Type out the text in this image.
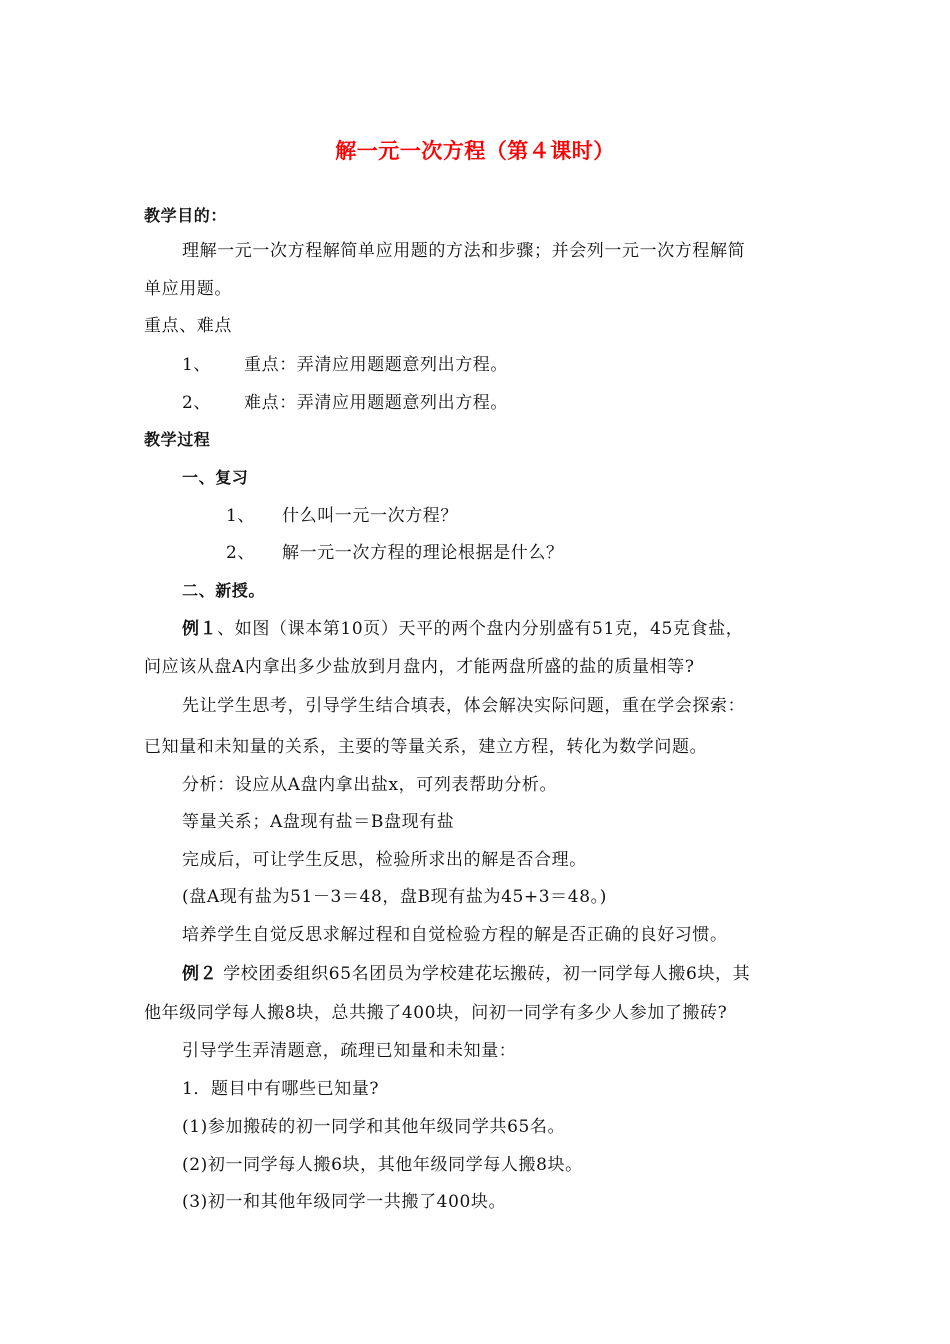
解一元一次方程（第４课时）
教学目的：
理解一元一次方程解简单应用题的方法和步骤；并会列一元一次方程解简
单应用题。
重点、难点
1、 重点：弄清应用题题意列出方程。
2、 难点：弄清应用题题意列出方程。
教学过程
一、复习
1、 什么叫一元一次方程？
2、 解一元一次方程的理论根据是什么？
二、新授。
例１、如图（课本第10页）天平的两个盘内分别盛有51克，45克食盐，
问应该从盘A内拿出多少盐放到月盘内，才能两盘所盛的盐的质量相等?
先让学生思考，引导学生结合填表，体会解决实际问题，重在学会探索：
已知量和未知量的关系，主要的等量关系，建立方程，转化为数学问题。
分析：设应从A盘内拿出盐x，可列表帮助分析。
等量关系；A盘现有盐＝B盘现有盐
完成后，可让学生反思，检验所求出的解是否合理。
(盘A现有盐为51－3＝48，盘B现有盐为45+3＝48。)
培养学生自觉反思求解过程和自觉检验方程的解是否正确的良好习惯。
例２ 学校团委组织65名团员为学校建花坛搬砖，初一同学每人搬6块，其
他年级同学每人搬8块，总共搬了400块，问初一同学有多少人参加了搬砖?
引导学生弄清题意，疏理已知量和未知量：
1．题目中有哪些已知量?
(1)参加搬砖的初一同学和其他年级同学共65名。
(2)初一同学每人搬6块，其他年级同学每人搬8块。
(3)初一和其他年级同学一共搬了400块。
